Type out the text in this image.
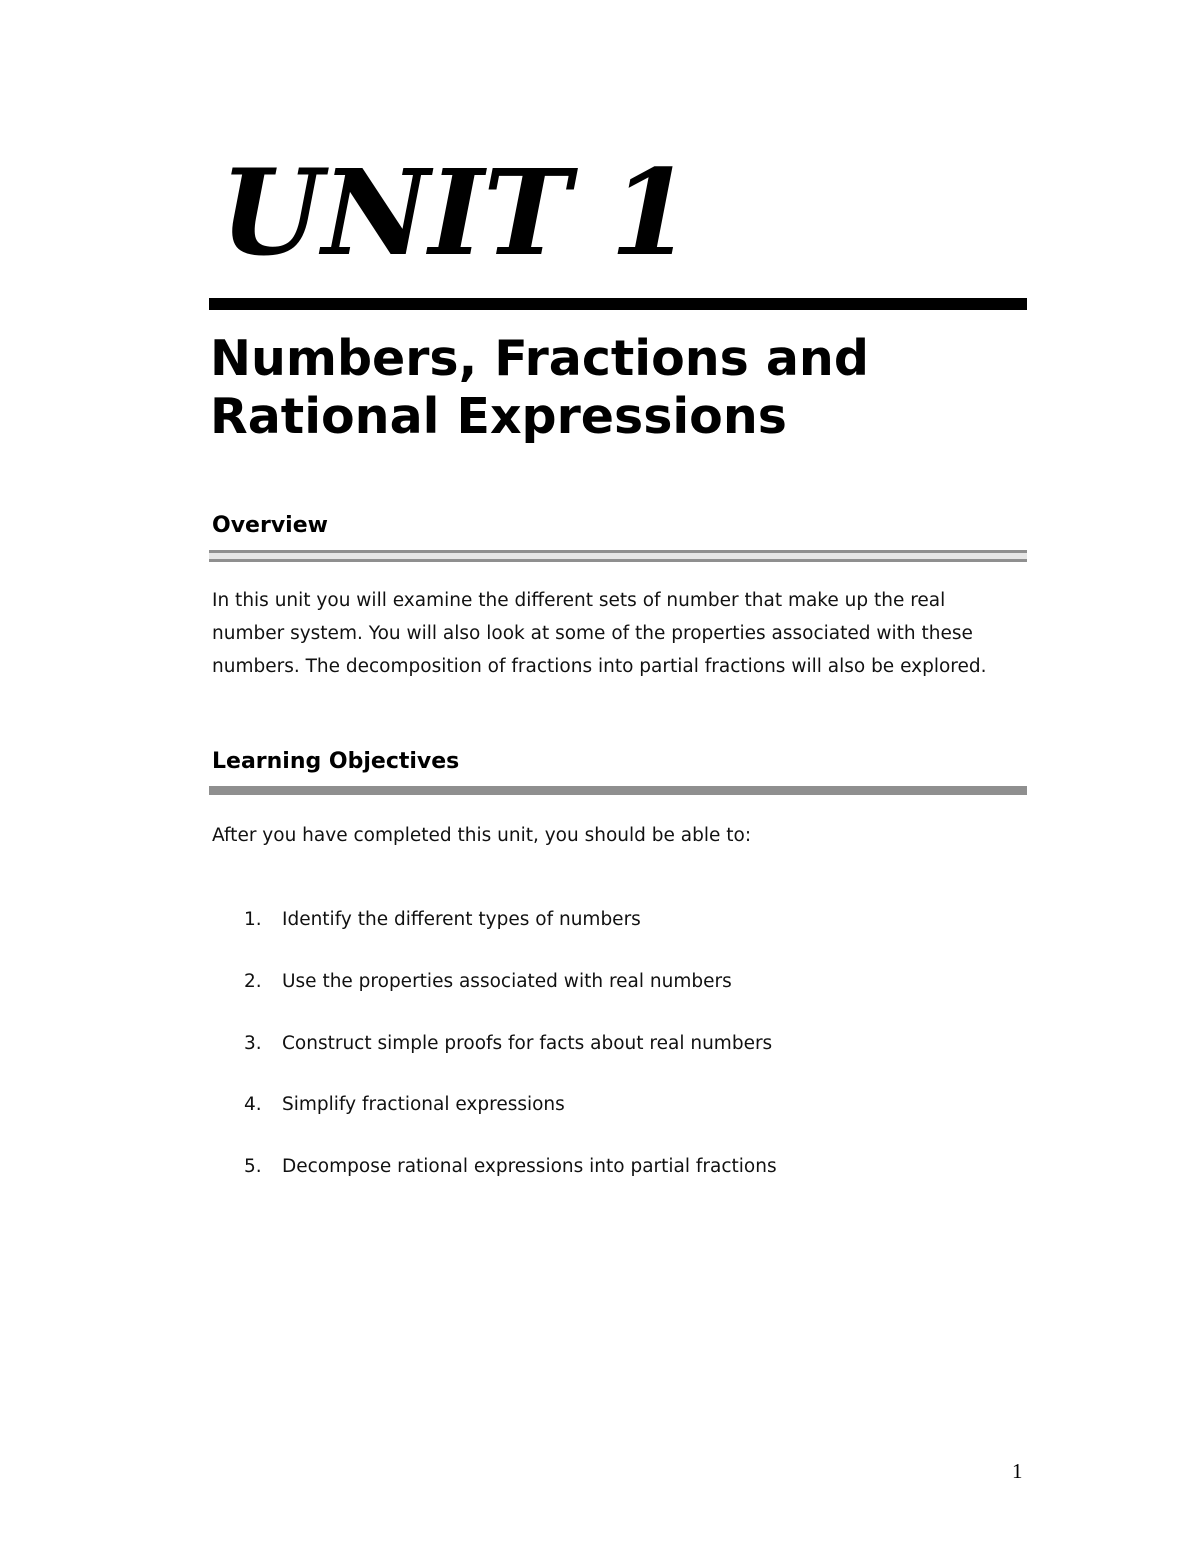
UNIT 1
Numbers, Fractions and
Rational Expressions
Overview

In this unit you will examine the different sets of number that make up the real
number system. You will also look at some of the properties associated with these
numbers. The decomposition of fractions into partial fractions will also be explored.

Learning Objectives

After you have completed this unit, you should be able to:

1. Identify the different types of numbers
2. Use the properties associated with real numbers
3. Construct simple proofs for facts about real numbers
4. Simplify fractional expressions
5. Decompose rational expressions into partial fractions
1
